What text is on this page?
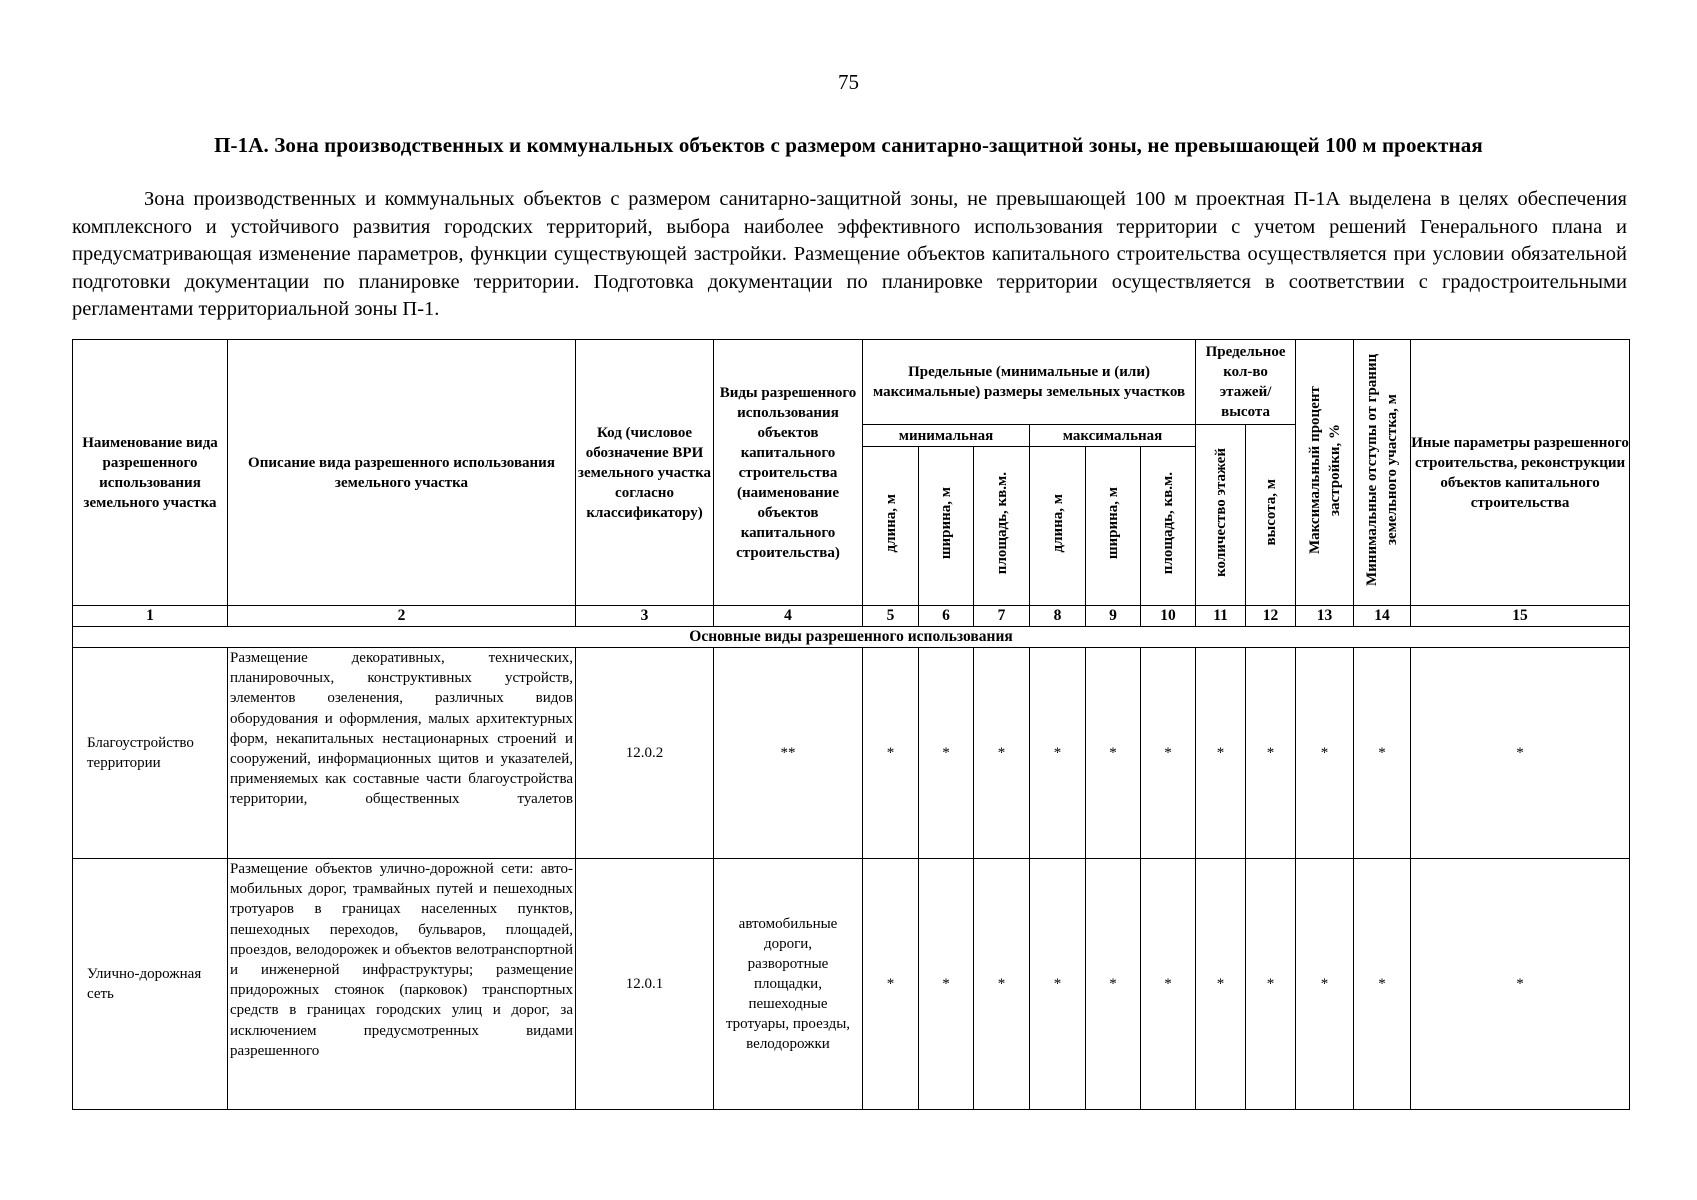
75
П-1А. Зона производственных и коммунальных объектов с размером санитарно-защитной зоны, не превышающей 100 м проектная

Зона производственных и коммунальных объектов с размером санитарно-защитной зоны, не превышающей 100 м проектная П-1А выделена в целях обеспечения комплексного и устойчивого развития городских территорий, выбора наиболее эффективного использования территории с учетом решений Генерального плана и предусматривающая изменение параметров, функции существующей застройки. Размещение объектов капитального строительства осуществляется при условии обязательной подготовки документации по планировке территории. Подготовка документации по планировке территории осуществляется в соответствии с градостроительными регламентами территориальной зоны П-1.

Наименование вида разрешенного использования земельного участка	Описание вида разрешенного использования земельного участка	Код (числовое обозначение ВРИ земельного участка согласно классификатору)	Виды разрешенного использования объектов капитального строительства (наименование объектов капитального строительства)	Предельные (минимальные и (или) максимальные) размеры земельных участков						Предельное кол-во этажей/ высота		Максимальный процент застройки, %	Минимальные отступы от границ земельного участка, м	Иные параметры разрешенного строительства, реконструкции объектов капитального строительства
				минимальная			максимальная			количество этажей	высота, м			
				длина, м	ширина, м	площадь, кв.м.	длина, м	ширина, м	площадь, кв.м.					
1	2	3	4	5	6	7	8	9	10	11	12	13	14	15
Основные виды разрешенного использования														
Благоустройство территории	Размещение декоративных, технических, планировочных, конструктивных устройств, элементов озеленения, различных видов оборудования и оформления, малых архитектурных форм, некапитальных нестационарных строений и сооружений, информационных щитов и указателей, применяемых как составные части благоустройства территории, общественных туалетов	12.0.2	**	*	*	*	*	*	*	*	*	*	*	*
Улично-дорожная сеть	Размещение объектов улично-дорожной сети: авто-мобильных дорог, трамвайных путей и пешеходных тротуаров в границах населенных пунктов, пешеходных переходов, бульваров, площадей, проездов, велодорожек и объектов велотранспортной и инженерной инфраструктуры; размещение придорожных стоянок (парковок) транспортных средств в границах городских улиц и дорог, за исключением предусмотренных видами разрешенного	12.0.1	автомобильные дороги, разворотные площадки, пешеходные тротуары, проезды, велодорожки	*	*	*	*	*	*	*	*	*	*	*
